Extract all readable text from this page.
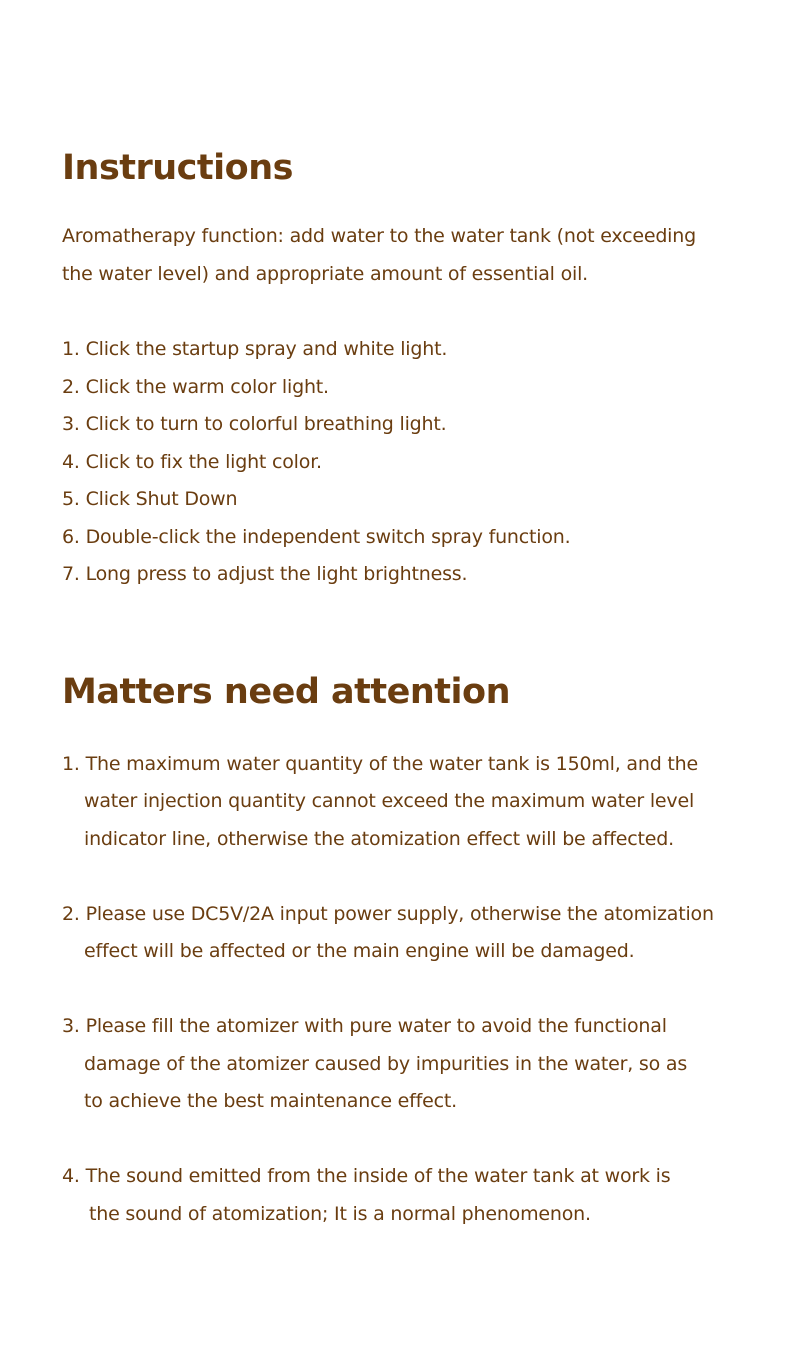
Instructions

Aromatherapy function: add water to the water tank (not exceeding
the water level) and appropriate amount of essential oil.

1. Click the startup spray and white light.
2. Click the warm color light.
3. Click to turn to colorful breathing light.
4. Click to fix the light color.
5. Click Shut Down
6. Double-click the independent switch spray function.
7. Long press to adjust the light brightness.
Matters need attention
1. The maximum water quantity of the water tank is 150ml, and the
water injection quantity cannot exceed the maximum water level
indicator line, otherwise the atomization effect will be affected.
2. Please use DC5V/2A input power supply, otherwise the atomization
effect will be affected or the main engine will be damaged.
3. Please fill the atomizer with pure water to avoid the functional
damage of the atomizer caused by impurities in the water, so as
to achieve the best maintenance effect.
4. The sound emitted from the inside of the water tank at work is
the sound of atomization; It is a normal phenomenon.
